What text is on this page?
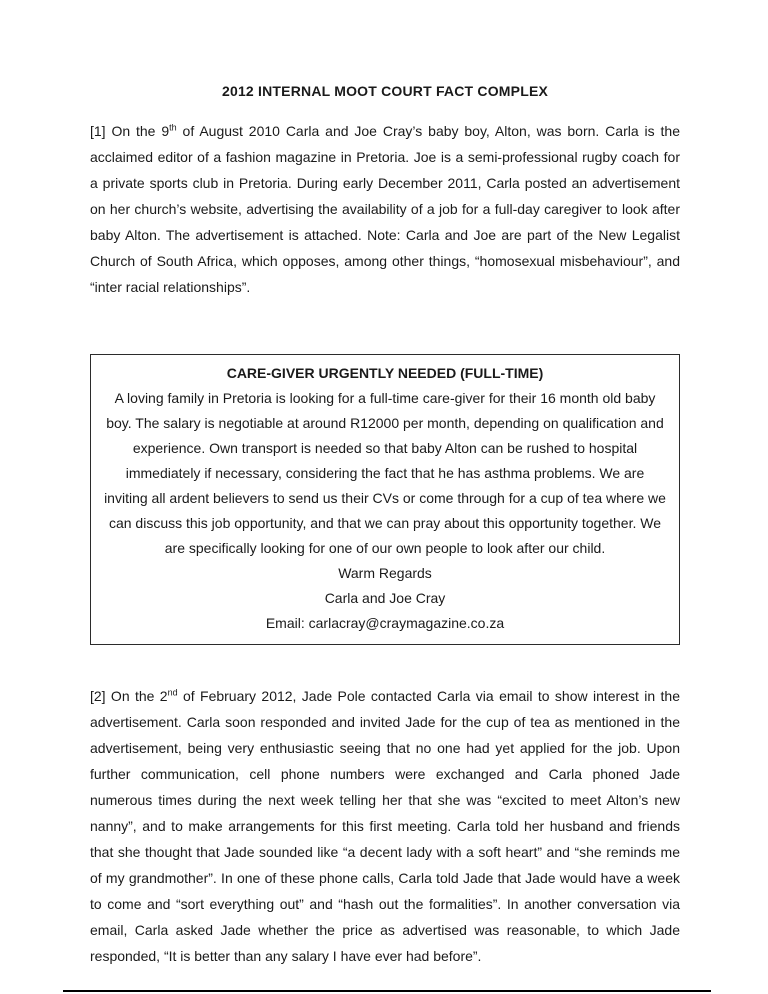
2012 INTERNAL MOOT COURT FACT COMPLEX

[1] On the 9th of August 2010 Carla and Joe Cray’s baby boy, Alton, was born. Carla is the acclaimed editor of a fashion magazine in Pretoria. Joe is a semi-professional rugby coach for a private sports club in Pretoria. During early December 2011, Carla posted an advertisement on her church’s website, advertising the availability of a job for a full-day caregiver to look after baby Alton. The advertisement is attached. Note: Carla and Joe are part of the New Legalist Church of South Africa, which opposes, among other things, “homosexual misbehaviour”, and “inter racial relationships”.

CARE-GIVER URGENTLY NEEDED (FULL-TIME)

A loving family in Pretoria is looking for a full-time care-giver for their 16 month old baby boy. The salary is negotiable at around R12000 per month, depending on qualification and experience. Own transport is needed so that baby Alton can be rushed to hospital immediately if necessary, considering the fact that he has asthma problems. We are inviting all ardent believers to send us their CVs or come through for a cup of tea where we can discuss this job opportunity, and that we can pray about this opportunity together. We are specifically looking for one of our own people to look after our child.

Warm Regards

Carla and Joe Cray

Email: carlacray@craymagazine.co.za

[2] On the 2nd of February 2012, Jade Pole contacted Carla via email to show interest in the advertisement. Carla soon responded and invited Jade for the cup of tea as mentioned in the advertisement, being very enthusiastic seeing that no one had yet applied for the job. Upon further communication, cell phone numbers were exchanged and Carla phoned Jade numerous times during the next week telling her that she was “excited to meet Alton’s new nanny”, and to make arrangements for this first meeting. Carla told her husband and friends that she thought that Jade sounded like “a decent lady with a soft heart” and “she reminds me of my grandmother”. In one of these phone calls, Carla told Jade that Jade would have a week to come and “sort everything out” and “hash out the formalities”. In another conversation via email, Carla asked Jade whether the price as advertised was reasonable, to which Jade responded, “It is better than any salary I have ever had before”.
